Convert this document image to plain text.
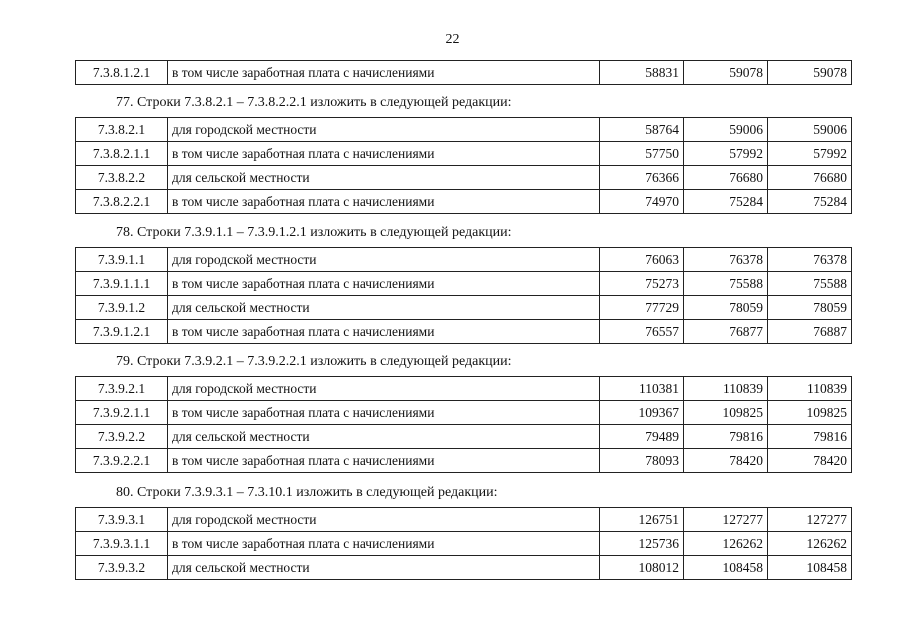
22
7.3.8.1.2.1	в том числе заработная плата с начислениями	58831	59078	59078
77. Строки 7.3.8.2.1 – 7.3.8.2.2.1 изложить в следующей редакции:
7.3.8.2.1	для городской местности	58764	59006	59006
7.3.8.2.1.1	в том числе заработная плата с начислениями	57750	57992	57992
7.3.8.2.2	для сельской местности	76366	76680	76680
7.3.8.2.2.1	в том числе заработная плата с начислениями	74970	75284	75284
78. Строки 7.3.9.1.1 – 7.3.9.1.2.1 изложить в следующей редакции:
7.3.9.1.1	для городской местности	76063	76378	76378
7.3.9.1.1.1	в том числе заработная плата с начислениями	75273	75588	75588
7.3.9.1.2	для сельской местности	77729	78059	78059
7.3.9.1.2.1	в том числе заработная плата с начислениями	76557	76877	76887
79. Строки 7.3.9.2.1 – 7.3.9.2.2.1 изложить в следующей редакции:
7.3.9.2.1	для городской местности	110381	110839	110839
7.3.9.2.1.1	в том числе заработная плата с начислениями	109367	109825	109825
7.3.9.2.2	для сельской местности	79489	79816	79816
7.3.9.2.2.1	в том числе заработная плата с начислениями	78093	78420	78420
80. Строки 7.3.9.3.1 – 7.3.10.1 изложить в следующей редакции:
7.3.9.3.1	для городской местности	126751	127277	127277
7.3.9.3.1.1	в том числе заработная плата с начислениями	125736	126262	126262
7.3.9.3.2	для сельской местности	108012	108458	108458
